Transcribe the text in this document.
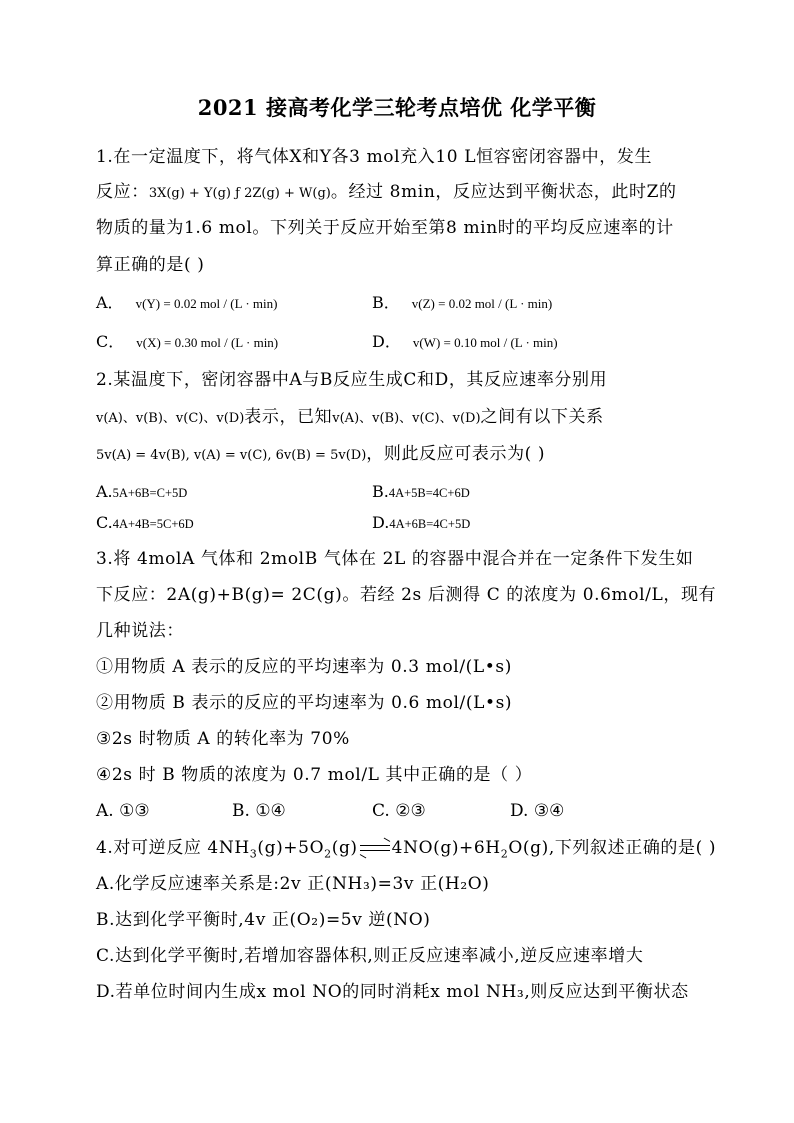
2021 接高考化学三轮考点培优 化学平衡
1.在一定温度下，将气体X和Y各3 mol充入10 L恒容密闭容器中，发生
反应：3X(g) + Y(g) ƒ 2Z(g) + W(g)。经过 8min，反应达到平衡状态，此时Z的
物质的量为1.6 mol。下列关于反应开始至第8 min时的平均反应速率的计
算正确的是( )
A． v(Y) = 0.02 mol / (L · min)	B． v(Z) = 0.02 mol / (L · min)
C． v(X) = 0.30 mol / (L · min)	D． v(W) = 0.10 mol / (L · min)
2.某温度下，密闭容器中A与B反应生成C和D，其反应速率分别用
v(A)、v(B)、v(C)、v(D)表示，已知v(A)、v(B)、v(C)、v(D)之间有以下关系
5v(A) = 4v(B), v(A) = v(C), 6v(B) = 5v(D)，则此反应可表示为( )
A.5A+6B=C+5D	B.4A+5B=4C+6D
C.4A+4B=5C+6D	D.4A+6B=4C+5D
3.将 4molA 气体和 2molB 气体在 2L 的容器中混合并在一定条件下发生如
下反应：2A(g)+B(g)= 2C(g)。若经 2s 后测得 C 的浓度为 0.6mol/L，现有
几种说法：
①用物质 A 表示的反应的平均速率为 0.3 mol/(L•s)
②用物质 B 表示的反应的平均速率为 0.6 mol/(L•s)
③2s 时物质 A 的转化率为 70%
④2s 时 B 物质的浓度为 0.7 mol/L 其中正确的是（ ）
A. ①③	B. ①④	C. ②③	D. ③④
4.对可逆反应 $4NH_3(g)+5O_2(g)$ $4NO(g)+6H_2O(g)$,下列叙述正确的是( )
A.化学反应速率关系是:2v 正(NH₃)=3v 正(H₂O)
B.达到化学平衡时,4v 正(O₂)=5v 逆(NO)
C.达到化学平衡时,若增加容器体积,则正反应速率减小,逆反应速率增大
D.若单位时间内生成x mol NO的同时消耗x mol NH₃,则反应达到平衡状态
